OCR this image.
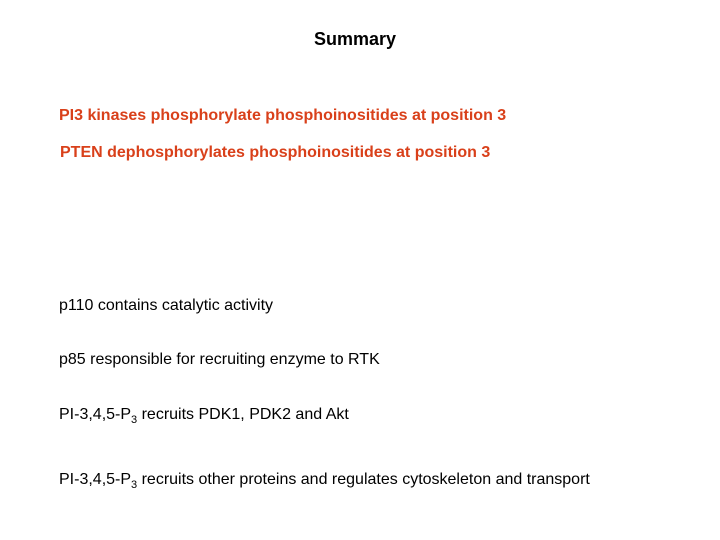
Summary
PI3 kinases phosphorylate phosphoinositides at position 3
PTEN dephosphorylates phosphoinositides at position 3
p110 contains catalytic activity
p85 responsible for recruiting enzyme to RTK
$PI-3,4,5-P_3$ recruits PDK1, PDK2 and Akt
$PI-3,4,5-P_3$ recruits other proteins and regulates cytoskeleton and transport
